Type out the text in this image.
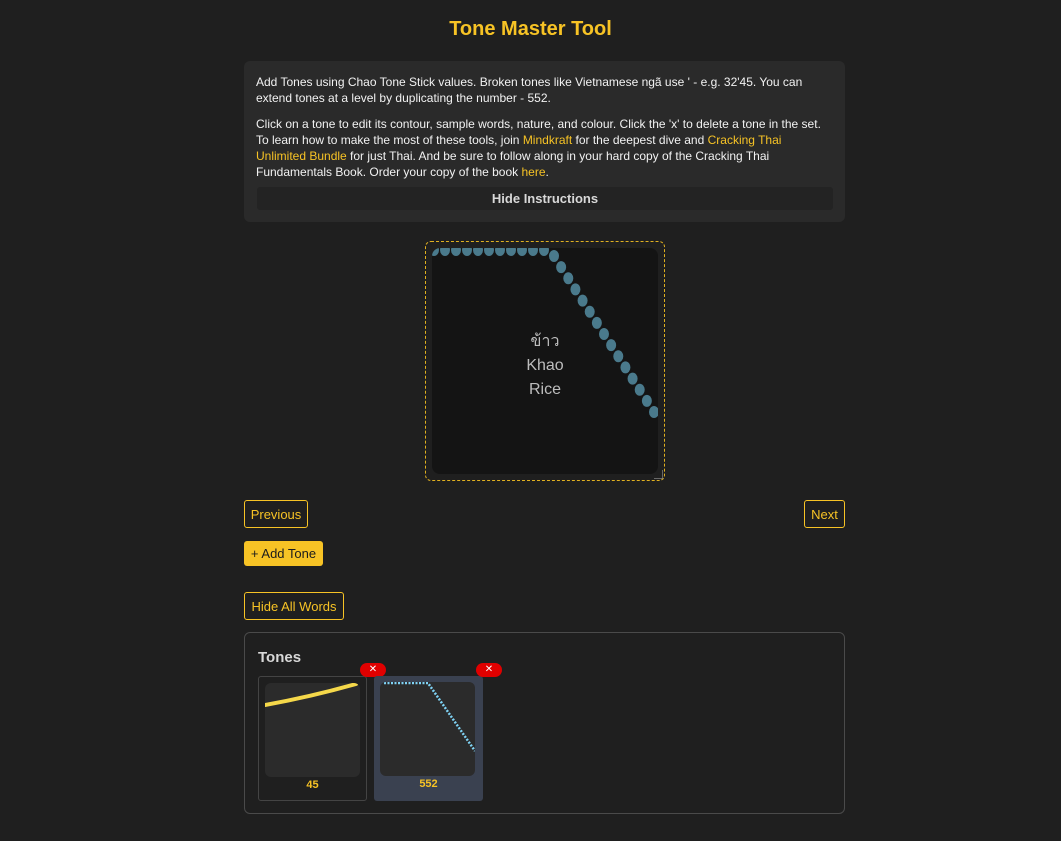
Tone Master Tool

Add Tones using Chao Tone Stick values. Broken tones like Vietnamese ngã use ' - e.g. 32'45. You can extend tones at a level by duplicating the number - 552.

Click on a tone to edit its contour, sample words, nature, and colour. Click the 'x' to delete a tone in the set. To learn how to make the most of these tools, join Mindkraft for the deepest dive and Cracking Thai Unlimited Bundle for just Thai. And be sure to follow along in your hard copy of the Cracking Thai Fundamentals Book. Order your copy of the book here.

Hide Instructions
ข้าว
Khao
Rice
Previous	Next
+ Add Tone
Hide All Words
Tones
45
✕
552
✕
